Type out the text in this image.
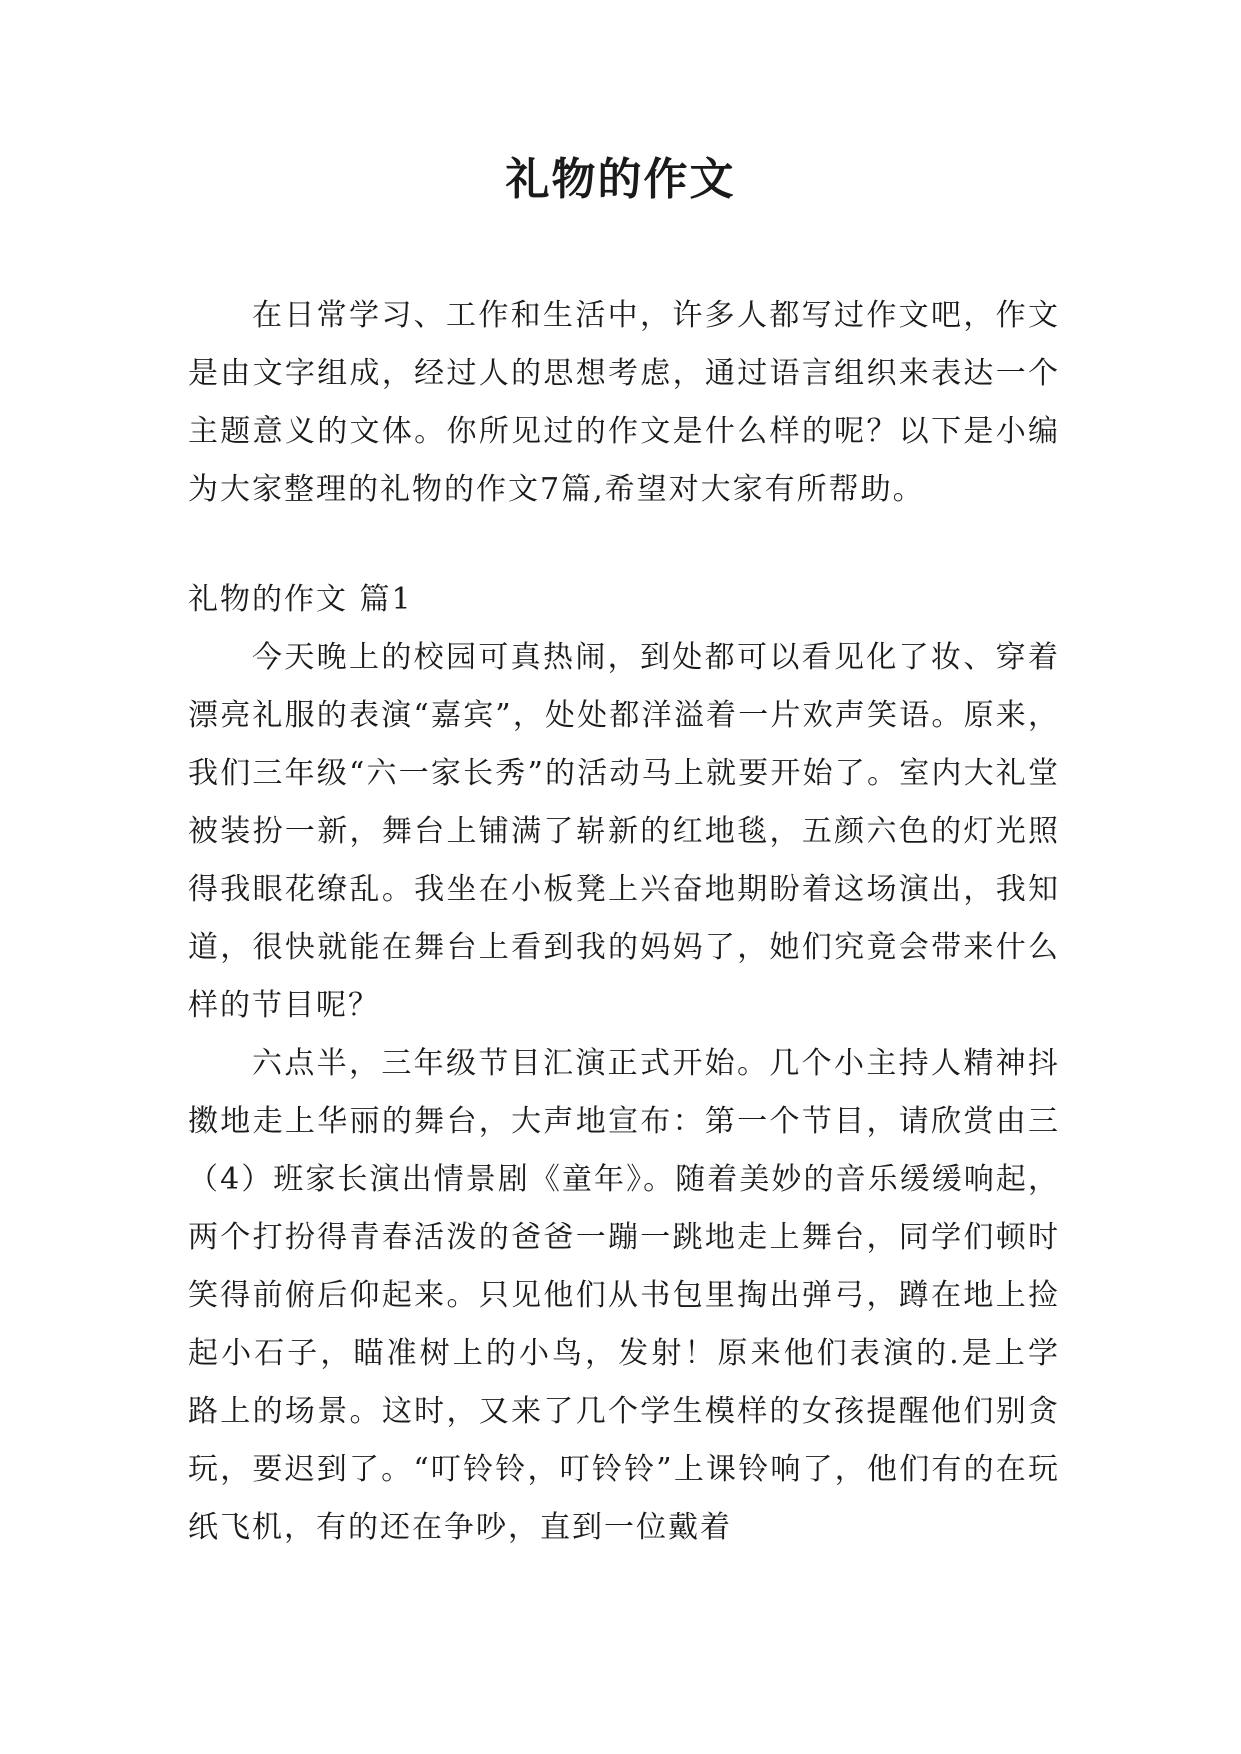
礼物的作文

在日常学习、工作和生活中，许多人都写过作文吧，作文是由文字组成，经过人的思想考虑，通过语言组织来表达一个主题意义的文体。你所见过的作文是什么样的呢？以下是小编为大家整理的礼物的作文7篇,希望对大家有所帮助。

礼物的作文 篇1

今天晚上的校园可真热闹，到处都可以看见化了妆、穿着漂亮礼服的表演“嘉宾”，处处都洋溢着一片欢声笑语。原来，我们三年级“六一家长秀”的活动马上就要开始了。室内大礼堂被装扮一新，舞台上铺满了崭新的红地毯，五颜六色的灯光照得我眼花缭乱。我坐在小板凳上兴奋地期盼着这场演出，我知道，很快就能在舞台上看到我的妈妈了，她们究竟会带来什么样的节目呢？

六点半，三年级节目汇演正式开始。几个小主持人精神抖擞地走上华丽的舞台，大声地宣布：第一个节目，请欣赏由三（4）班家长演出情景剧《童年》。随着美妙的音乐缓缓响起，两个打扮得青春活泼的爸爸一蹦一跳地走上舞台，同学们顿时笑得前俯后仰起来。只见他们从书包里掏出弹弓，蹲在地上捡起小石子，瞄准树上的小鸟，发射！原来他们表演的.是上学路上的场景。这时，又来了几个学生模样的女孩提醒他们别贪玩，要迟到了。“叮铃铃，叮铃铃”上课铃响了，他们有的在玩纸飞机，有的还在争吵，直到一位戴着
